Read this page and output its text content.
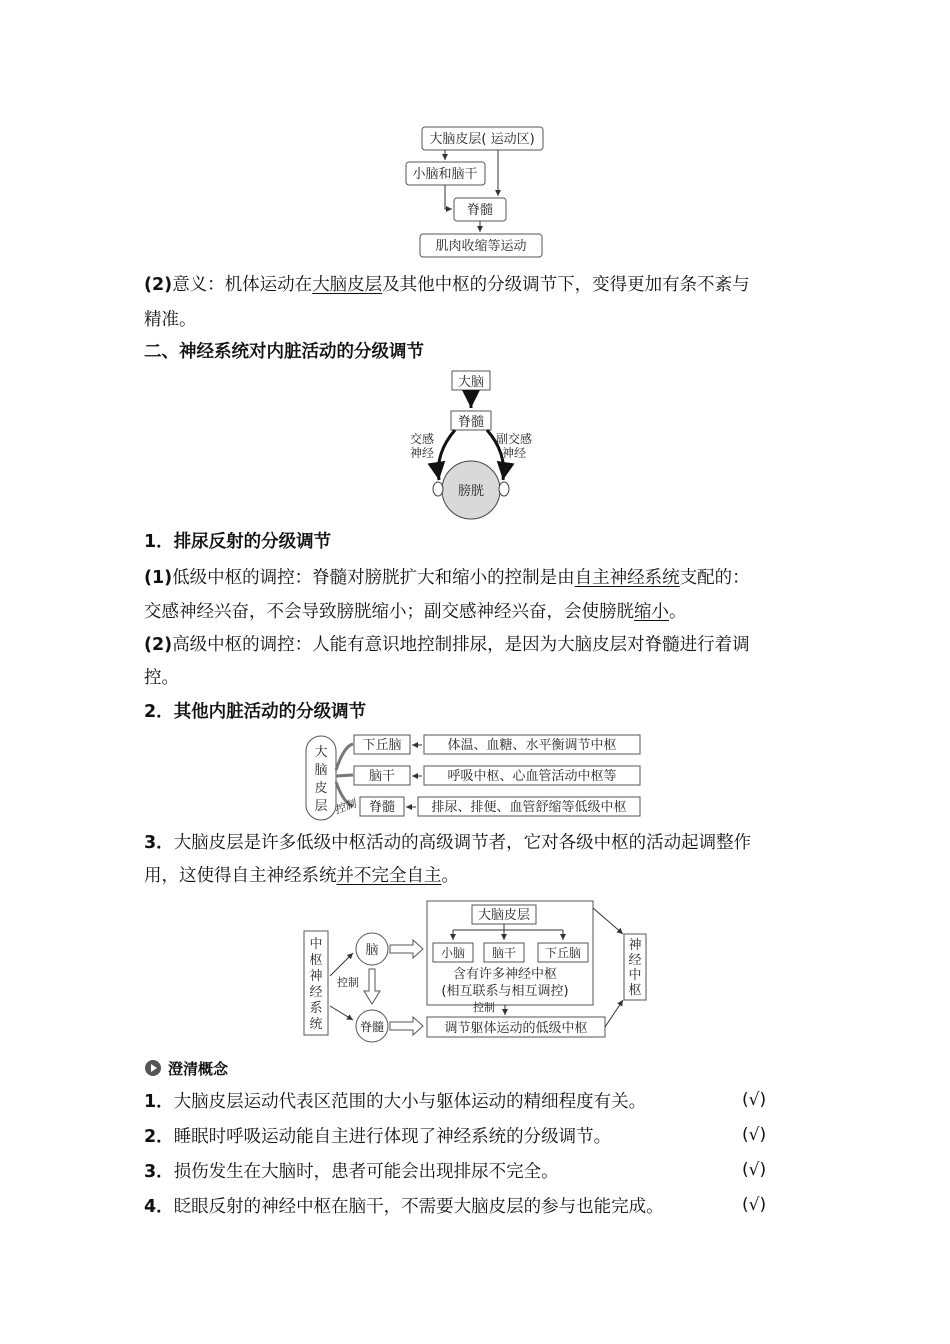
大脑皮层( 运动区)
小脑和脑干
脊髓
肌肉收缩等运动
(2)意义：机体运动在大脑皮层及其他中枢的分级调节下，变得更加有条不紊与
精准。
二、神经系统对内脏活动的分级调节
大脑
脊髓
交感
神经
副交感
神经
膀胱
1．排尿反射的分级调节
(1)低级中枢的调控：脊髓对膀胱扩大和缩小的控制是由自主神经系统支配的：
交感神经兴奋，不会导致膀胱缩小；副交感神经兴奋，会使膀胱缩小。
(2)高级中枢的调控：人能有意识地控制排尿，是因为大脑皮层对脊髓进行着调
控。
2．其他内脏活动的分级调节
大
脑
皮
层 控制
下丘脑	体温、血糖、水平衡调节中枢
脑干	呼吸中枢、心血管活动中枢等
脊髓	排尿、排便、血管舒缩等低级中枢
3．大脑皮层是许多低级中枢活动的高级调节者，它对各级中枢的活动起调整作
用，这使得自主神经系统并不完全自主。
中
枢
神
经
系
统
脑
脊髓
控制
大脑皮层
小脑 脑干 下丘脑
含有许多神经中枢
(相互联系与相互调控)
控制
调节躯体运动的低级中枢
神
经
中
枢
澄清概念
1．大脑皮层运动代表区范围的大小与躯体运动的精细程度有关。	(√)
2．睡眠时呼吸运动能自主进行体现了神经系统的分级调节。	(√)
3．损伤发生在大脑时，患者可能会出现排尿不完全。	(√)
4．眨眼反射的神经中枢在脑干，不需要大脑皮层的参与也能完成。	(√)
